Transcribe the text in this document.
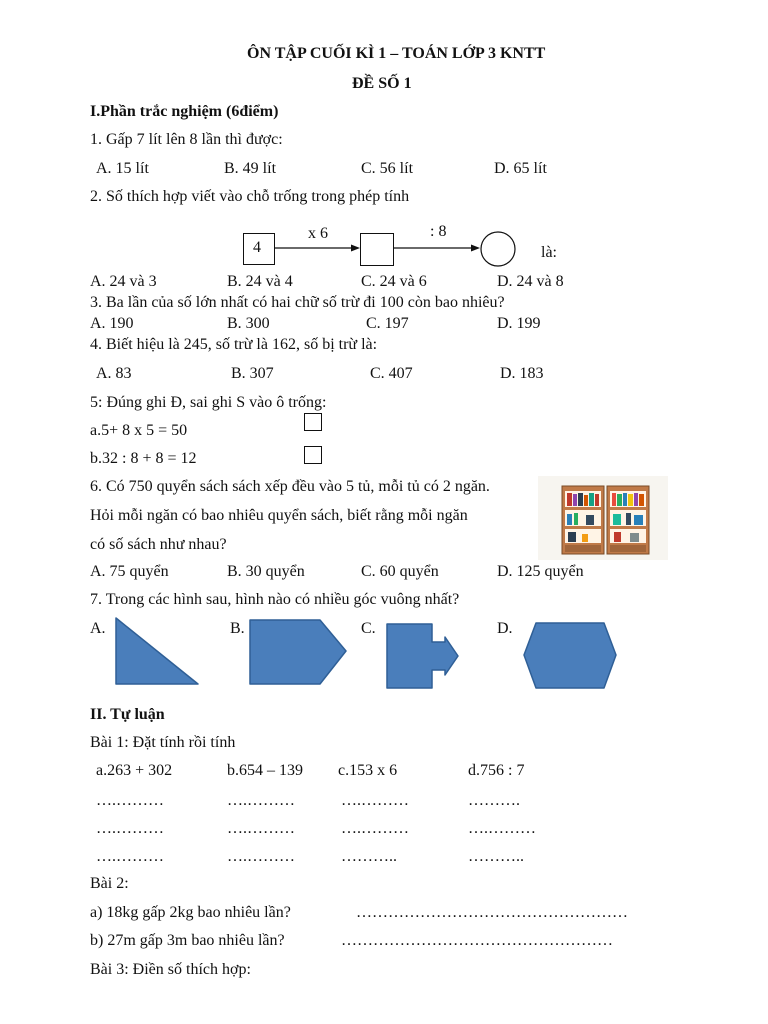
ÔN TẬP CUỐI KÌ 1 – TOÁN LỚP 3 KNTT
ĐỀ SỐ 1
I.Phần trắc nghiệm (6điểm)
1. Gấp 7 lít lên 8 lần thì được:
A. 15 lít	B. 49 lít	C. 56 lít	D. 65 lít
2. Số thích hợp viết vào chỗ trống trong phép tính
4
x 6	: 8
là:
A. 24 và 3	B. 24 và 4	C. 24 và 6	D. 24 và 8
3. Ba lần của số lớn nhất có hai chữ số trừ đi 100 còn bao nhiêu?
A. 190	B. 300	C. 197	D. 199
4. Biết hiệu là 245, số trừ là 162, số bị trừ là:
A. 83	B. 307	C. 407	D. 183
5: Đúng ghi Đ, sai ghi S vào ô trống:
a.5+ 8 x 5 = 50
b.32 : 8 + 8 = 12
6. Có 750 quyển sách sách xếp đều vào 5 tủ, mỗi tủ có 2 ngăn.
Hỏi mỗi ngăn có bao nhiêu quyển sách, biết rằng mỗi ngăn
có số sách như nhau?
A. 75 quyển	B. 30 quyển	C. 60 quyển	D. 125 quyển
7. Trong các hình sau, hình nào có nhiều góc vuông nhất?
A.	B.	C.	D.
II. Tự luận
Bài 1: Đặt tính rồi tính
a.263 + 302	b.654 – 139 c.153 x 6	d.756 : 7
….………	….………	….………	……….
….………	….………	….………	….………
….………	….………	………..	………..
Bài 2:
a) 18kg gấp 2kg bao nhiêu lần?	……………………………………………
b) 27m gấp 3m bao nhiêu lần?	……………………………………………
Bài 3: Điền số thích hợp:
